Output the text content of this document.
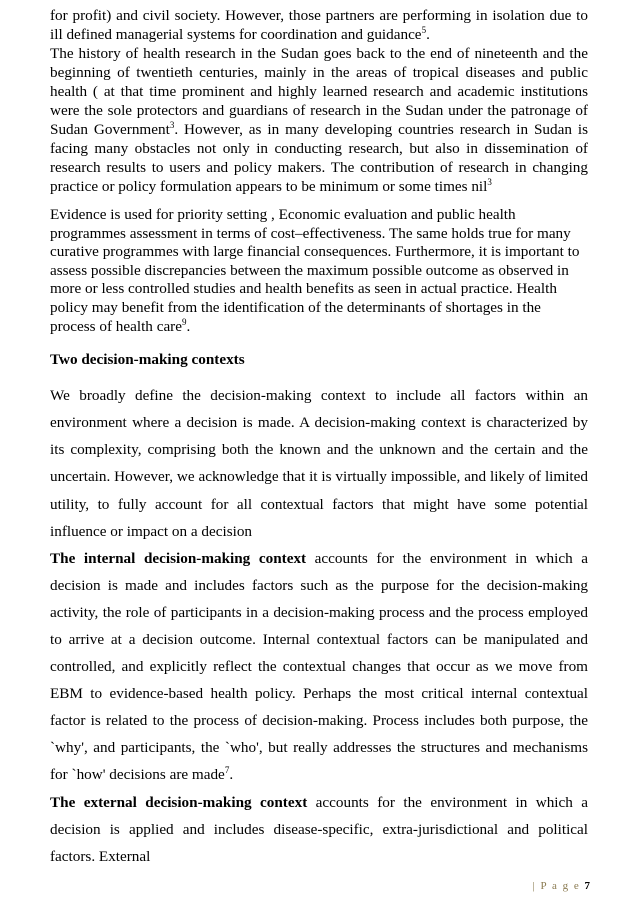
for profit) and civil society. However, those partners are performing in isolation due to ill defined managerial systems for coordination and guidance$^5$.

The history of health research in the Sudan goes back to the end of nineteenth and the beginning of twentieth centuries, mainly in the areas of tropical diseases and public health ( at that time prominent and highly learned research and academic institutions were the sole protectors and guardians of research in the Sudan under the patronage of Sudan Government$^3$. However, as in many developing countries research in Sudan is facing many obstacles not only in conducting research, but also in dissemination of research results to users and policy makers. The contribution of research in changing practice or policy formulation appears to be minimum or some times nil$^3$

Evidence is used for priority setting , Economic evaluation and public health programmes assessment in terms of cost–effectiveness. The same holds true for many curative programmes with large financial consequences. Furthermore, it is important to assess possible discrepancies between the maximum possible outcome as observed in more or less controlled studies and health benefits as seen in actual practice. Health policy may benefit from the identification of the determinants of shortages in the process of health care$^9$.

Two decision-making contexts

We broadly define the decision-making context to include all factors within an environment where a decision is made. A decision-making context is characterized by its complexity, comprising both the known and the unknown and the certain and the uncertain. However, we acknowledge that it is virtually impossible, and likely of limited utility, to fully account for all contextual factors that might have some potential influence or impact on a decision

The internal decision-making context accounts for the environment in which a decision is made and includes factors such as the purpose for the decision-making activity, the role of participants in a decision-making process and the process employed to arrive at a decision outcome. Internal contextual factors can be manipulated and controlled, and explicitly reflect the contextual changes that occur as we move from EBM to evidence-based health policy. Perhaps the most critical internal contextual factor is related to the process of decision-making. Process includes both purpose, the `why', and participants, the `who', but really addresses the structures and mechanisms for `how' decisions are made$^7$.

The external decision-making context accounts for the environment in which a decision is applied and includes disease-specific, extra-jurisdictional and political factors. External

| P a g e 7
